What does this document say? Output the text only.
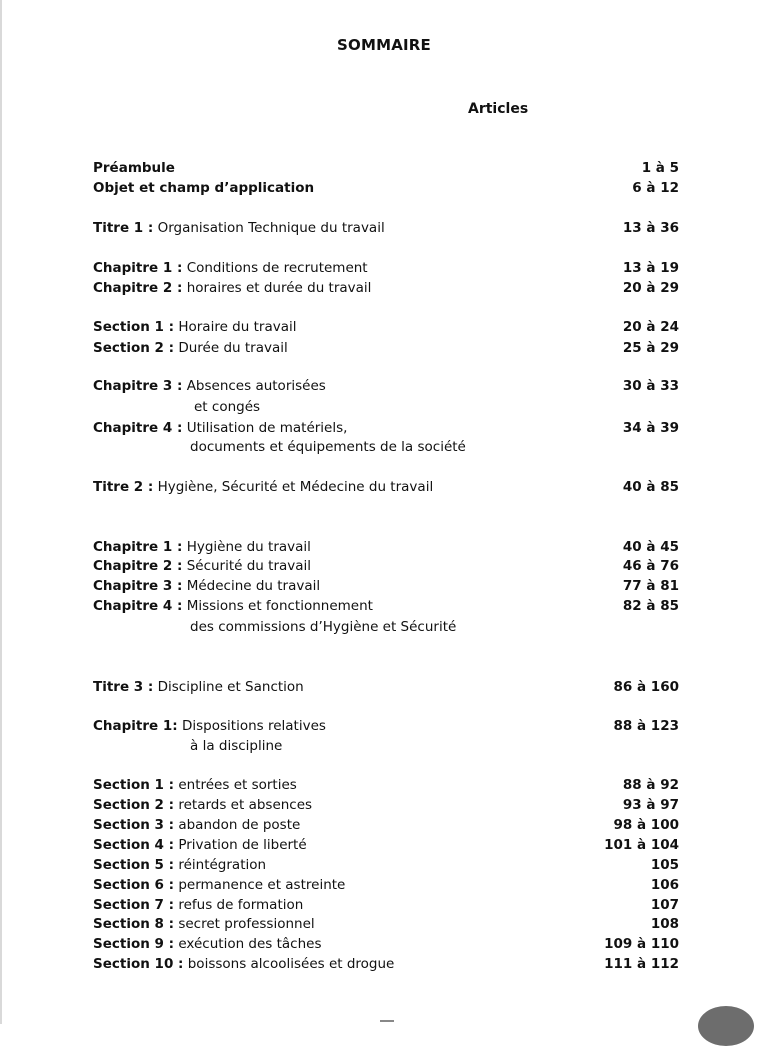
SOMMAIRE
Articles
Préambule	1 à 5
Objet et champ d’application	6 à 12
Titre 1 : Organisation Technique du travail	13 à 36
Chapitre 1 : Conditions de recrutement	13 à 19
Chapitre 2 : horaires et durée du travail	20 à 29
Section 1 : Horaire du travail	20 à 24
Section 2 : Durée du travail	25 à 29
Chapitre 3 : Absences autorisées	30 à 33
et congés
Chapitre 4 : Utilisation de matériels,	34 à 39
documents et équipements de la société
Titre 2 : Hygiène, Sécurité et Médecine du travail	40 à 85
Chapitre 1 : Hygiène du travail	40 à 45
Chapitre 2 : Sécurité du travail	46 à 76
Chapitre 3 : Médecine du travail	77 à 81
Chapitre 4 : Missions et fonctionnement	82 à 85
des commissions d’Hygiène et Sécurité
Titre 3 : Discipline et Sanction	86 à 160
Chapitre 1: Dispositions relatives	88 à 123
à la discipline
Section 1 : entrées et sorties	88 à 92
Section 2 : retards et absences	93 à 97
Section 3 : abandon de poste	98 à 100
Section 4 : Privation de liberté	101 à 104
Section 5 : réintégration	105
Section 6 : permanence et astreinte	106
Section 7 : refus de formation	107
Section 8 : secret professionnel	108
Section 9 : exécution des tâches	109 à 110
Section 10 : boissons alcoolisées et drogue	111 à 112
